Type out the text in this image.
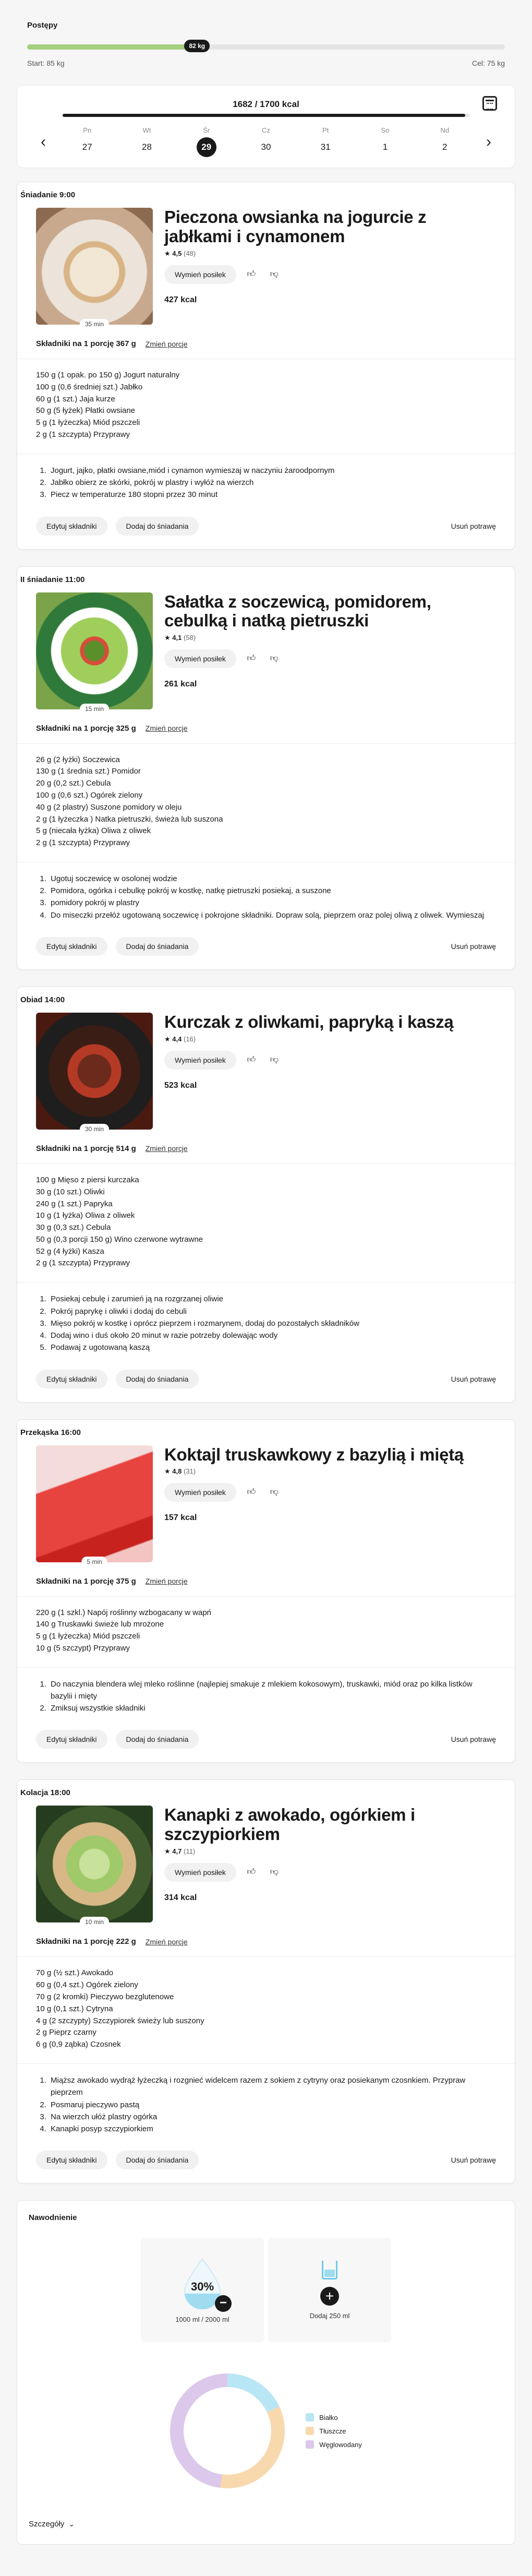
Postępy
82 kg
Start: 85 kg	Cel: 75 kg
1682 / 1700 kcal
‹
Pn
27
Wt
28
Śr
29
Cz
30
Pt
31
So
1
Nd
2	›
Śniadanie 9:00
35 min
Pieczona owsianka na jogurcie z jabłkami i cynamonem
★ 4,5 (48)
Wymień posiłek	👍︎	👎︎
427 kcal
Składniki na 1 porcję 367 g Zmień porcje
150 g (1 opak. po 150 g) Jogurt naturalny
100 g (0,6 średniej szt.) Jabłko
60 g (1 szt.) Jaja kurze
50 g (5 łyżek) Płatki owsiane
5 g (1 łyżeczka) Miód pszczeli
2 g (1 szczypta) Przyprawy
1. Jogurt, jajko, płatki owsiane,miód i cynamon wymieszaj w naczyniu żaroodpornym
2. Jabłko obierz ze skórki, pokrój w plastry i wyłóż na wierzch
3. Piecz w temperaturze 180 stopni przez 30 minut
Edytuj składniki	Dodaj do śniadania	Usuń potrawę
II śniadanie 11:00
15 min
Sałatka z soczewicą, pomidorem, cebulką i natką pietruszki
★ 4,1 (58)
Wymień posiłek	👍︎	👎︎
261 kcal
Składniki na 1 porcję 325 g Zmień porcje
26 g (2 łyżki) Soczewica
130 g (1 średnia szt.) Pomidor
20 g (0,2 szt.) Cebula
100 g (0,6 szt.) Ogórek zielony
40 g (2 plastry) Suszone pomidory w oleju
2 g (1 łyżeczka ) Natka pietruszki, świeża lub suszona
5 g (niecała łyżka) Oliwa z oliwek
2 g (1 szczypta) Przyprawy
1. Ugotuj soczewicę w osolonej wodzie
2. Pomidora, ogórka i cebulkę pokrój w kostkę, natkę pietruszki posiekaj, a suszone
3. pomidory pokrój w plastry
4. Do miseczki przełóż ugotowaną soczewicę i pokrojone składniki. Dopraw solą, pieprzem oraz polej oliwą z oliwek. Wymieszaj
Edytuj składniki	Dodaj do śniadania	Usuń potrawę
Obiad 14:00
30 min
Kurczak z oliwkami, papryką i kaszą
★ 4,4 (16)
Wymień posiłek	👍︎	👎︎
523 kcal
Składniki na 1 porcję 514 g Zmień porcje
100 g Mięso z piersi kurczaka
30 g (10 szt.) Oliwki
240 g (1 szt.) Papryka
10 g (1 łyżka) Oliwa z oliwek
30 g (0,3 szt.) Cebula
50 g (0,3 porcji 150 g) Wino czerwone wytrawne
52 g (4 łyżki) Kasza
2 g (1 szczypta) Przyprawy
1. Posiekaj cebulę i zarumień ją na rozgrzanej oliwie
2. Pokrój paprykę i oliwki i dodaj do cebuli
3. Mięso pokrój w kostkę i oprócz pieprzem i rozmarynem, dodaj do pozostałych składników
4. Dodaj wino i duś około 20 minut w razie potrzeby dolewając wody
5. Podawaj z ugotowaną kaszą
Edytuj składniki	Dodaj do śniadania	Usuń potrawę
Przekąska 16:00
5 min
Koktajl truskawkowy z bazylią i miętą
★ 4,8 (31)
Wymień posiłek	👍︎	👎︎
157 kcal
Składniki na 1 porcję 375 g Zmień porcje
220 g (1 szkl.) Napój roślinny wzbogacany w wapń
140 g Truskawki świeże lub mrożone
5 g (1 łyżeczka) Miód pszczeli
10 g (5 szczypt) Przyprawy
1. Do naczynia blendera wlej mleko roślinne (najlepiej smakuje z mlekiem kokosowym), truskawki, miód oraz po kilka listków bazylii i mięty
2. Zmiksuj wszystkie składniki
Edytuj składniki	Dodaj do śniadania	Usuń potrawę
Kolacja 18:00
10 min
Kanapki z awokado, ogórkiem i szczypiorkiem
★ 4,7 (11)
Wymień posiłek	👍︎	👎︎
314 kcal
Składniki na 1 porcję 222 g Zmień porcje
70 g (½ szt.) Awokado
60 g (0,4 szt.) Ogórek zielony
70 g (2 kromki) Pieczywo bezglutenowe
10 g (0,1 szt.) Cytryna
4 g (2 szczypty) Szczypiorek świeży lub suszony
2 g Pieprz czarny
6 g (0,9 ząbka) Czosnek
1. Miąższ awokado wydrąż łyżeczką i rozgnieć widelcem razem z sokiem z cytryny oraz posiekanym czosnkiem. Przypraw pieprzem
2. Posmaruj pieczywo pastą
3. Na wierzch ułóż plastry ogórka
4. Kanapki posyp szczypiorkiem
Edytuj składniki	Dodaj do śniadania	Usuń potrawę
Nawodnienie
30%
−
1000 ml / 2000 ml
+
Dodaj 250 ml
Białko
Tłuszcze
Węglowodany
Szczegóły ⌄
